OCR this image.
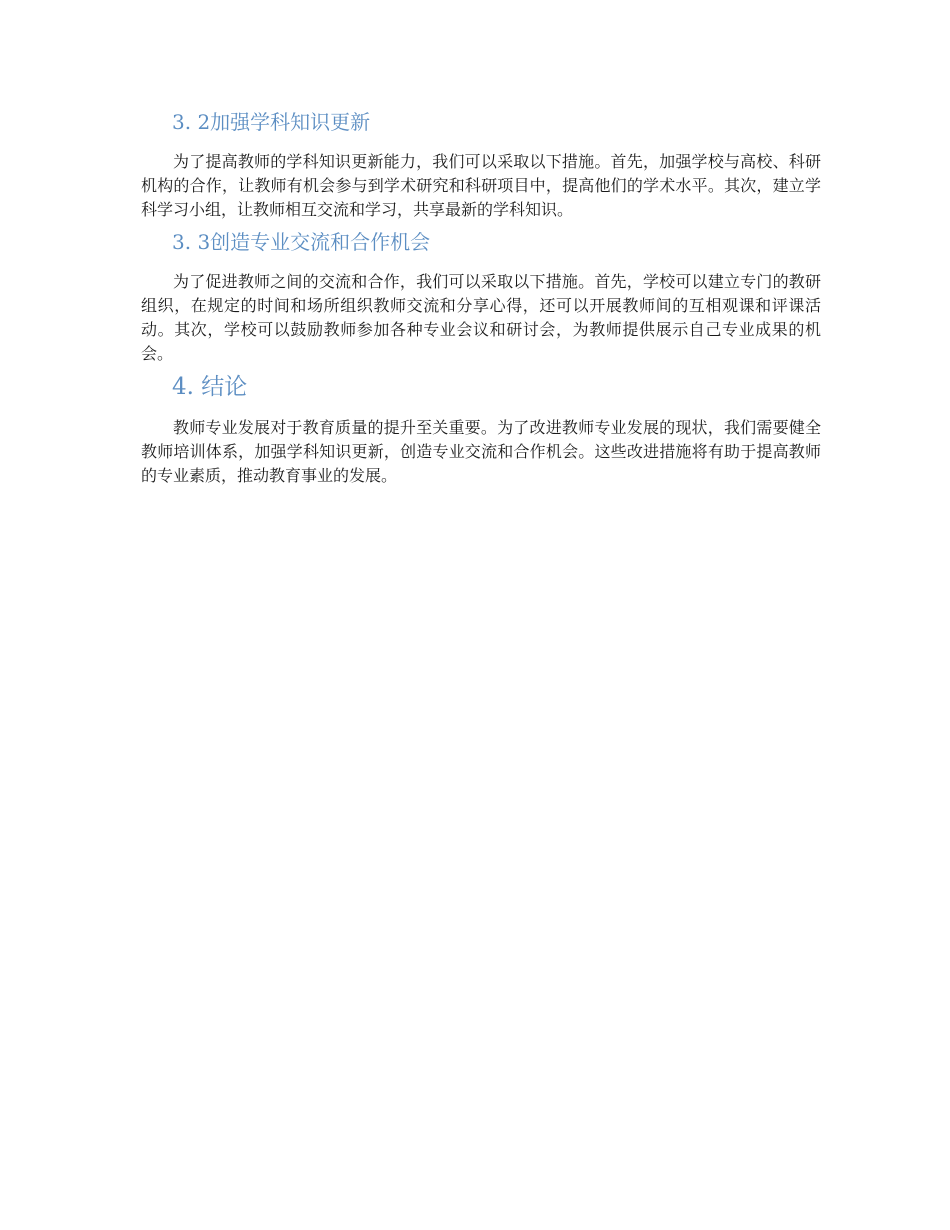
3. 2加强学科知识更新

为了提高教师的学科知识更新能力，我们可以采取以下措施。首先，加强学校与高校、科研机构的合作，让教师有机会参与到学术研究和科研项目中，提高他们的学术水平。其次，建立学科学习小组，让教师相互交流和学习，共享最新的学科知识。

3. 3创造专业交流和合作机会

为了促进教师之间的交流和合作，我们可以采取以下措施。首先，学校可以建立专门的教研组织，在规定的时间和场所组织教师交流和分享心得，还可以开展教师间的互相观课和评课活动。其次，学校可以鼓励教师参加各种专业会议和研讨会，为教师提供展示自己专业成果的机会。

4. 结论

教师专业发展对于教育质量的提升至关重要。为了改进教师专业发展的现状，我们需要健全教师培训体系，加强学科知识更新，创造专业交流和合作机会。这些改进措施将有助于提高教师的专业素质，推动教育事业的发展。
